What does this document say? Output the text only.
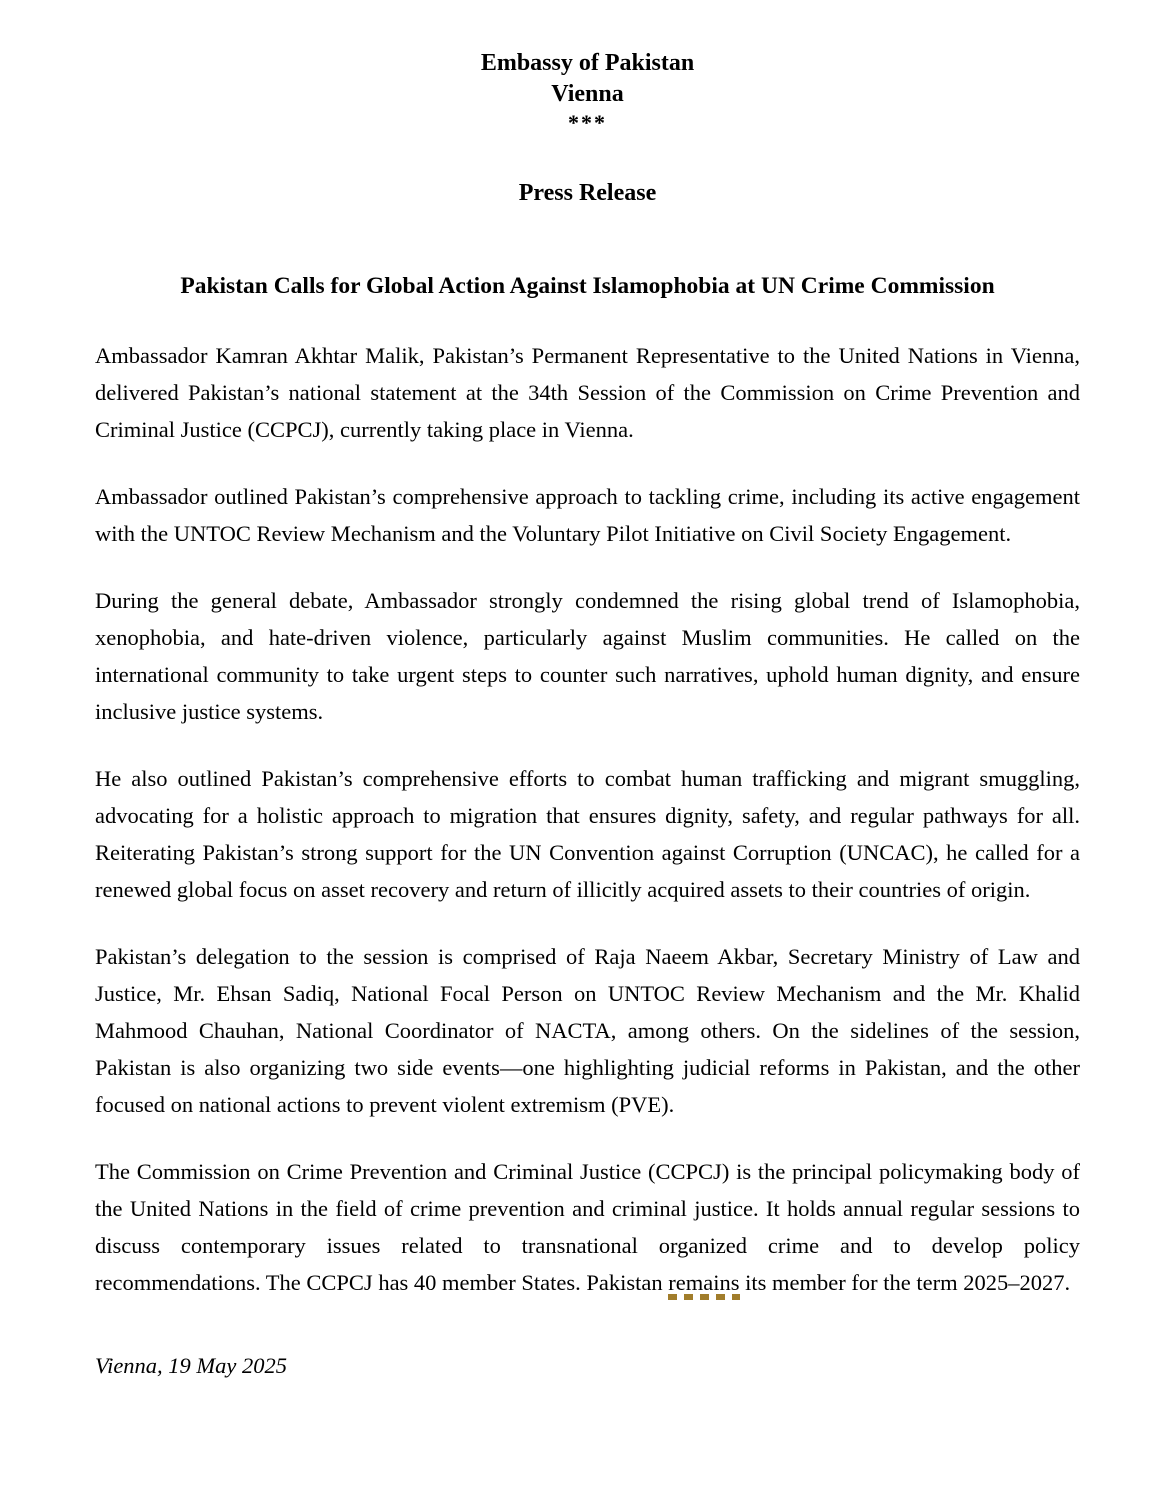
Embassy of Pakistan
Vienna
***
Press Release
Pakistan Calls for Global Action Against Islamophobia at UN Crime Commission

Ambassador Kamran Akhtar Malik, Pakistan’s Permanent Representative to the United Nations in Vienna, delivered Pakistan’s national statement at the 34th Session of the Commission on Crime Prevention and Criminal Justice (CCPCJ), currently taking place in Vienna.

Ambassador outlined Pakistan’s comprehensive approach to tackling crime, including its active engagement with the UNTOC Review Mechanism and the Voluntary Pilot Initiative on Civil Society Engagement.

During the general debate, Ambassador strongly condemned the rising global trend of Islamophobia, xenophobia, and hate-driven violence, particularly against Muslim communities. He called on the international community to take urgent steps to counter such narratives, uphold human dignity, and ensure inclusive justice systems.

He also outlined Pakistan’s comprehensive efforts to combat human trafficking and migrant smuggling, advocating for a holistic approach to migration that ensures dignity, safety, and regular pathways for all. Reiterating Pakistan’s strong support for the UN Convention against Corruption (UNCAC), he called for a renewed global focus on asset recovery and return of illicitly acquired assets to their countries of origin.

Pakistan’s delegation to the session is comprised of Raja Naeem Akbar, Secretary Ministry of Law and Justice, Mr. Ehsan Sadiq, National Focal Person on UNTOC Review Mechanism and the Mr. Khalid Mahmood Chauhan, National Coordinator of NACTA, among others. On the sidelines of the session, Pakistan is also organizing two side events—one highlighting judicial reforms in Pakistan, and the other focused on national actions to prevent violent extremism (PVE).

The Commission on Crime Prevention and Criminal Justice (CCPCJ) is the principal policymaking body of the United Nations in the field of crime prevention and criminal justice. It holds annual regular sessions to discuss contemporary issues related to transnational organized crime and to develop policy recommendations. The CCPCJ has 40 member States. Pakistan remains its member for the term 2025–2027.

Vienna, 19 May 2025
